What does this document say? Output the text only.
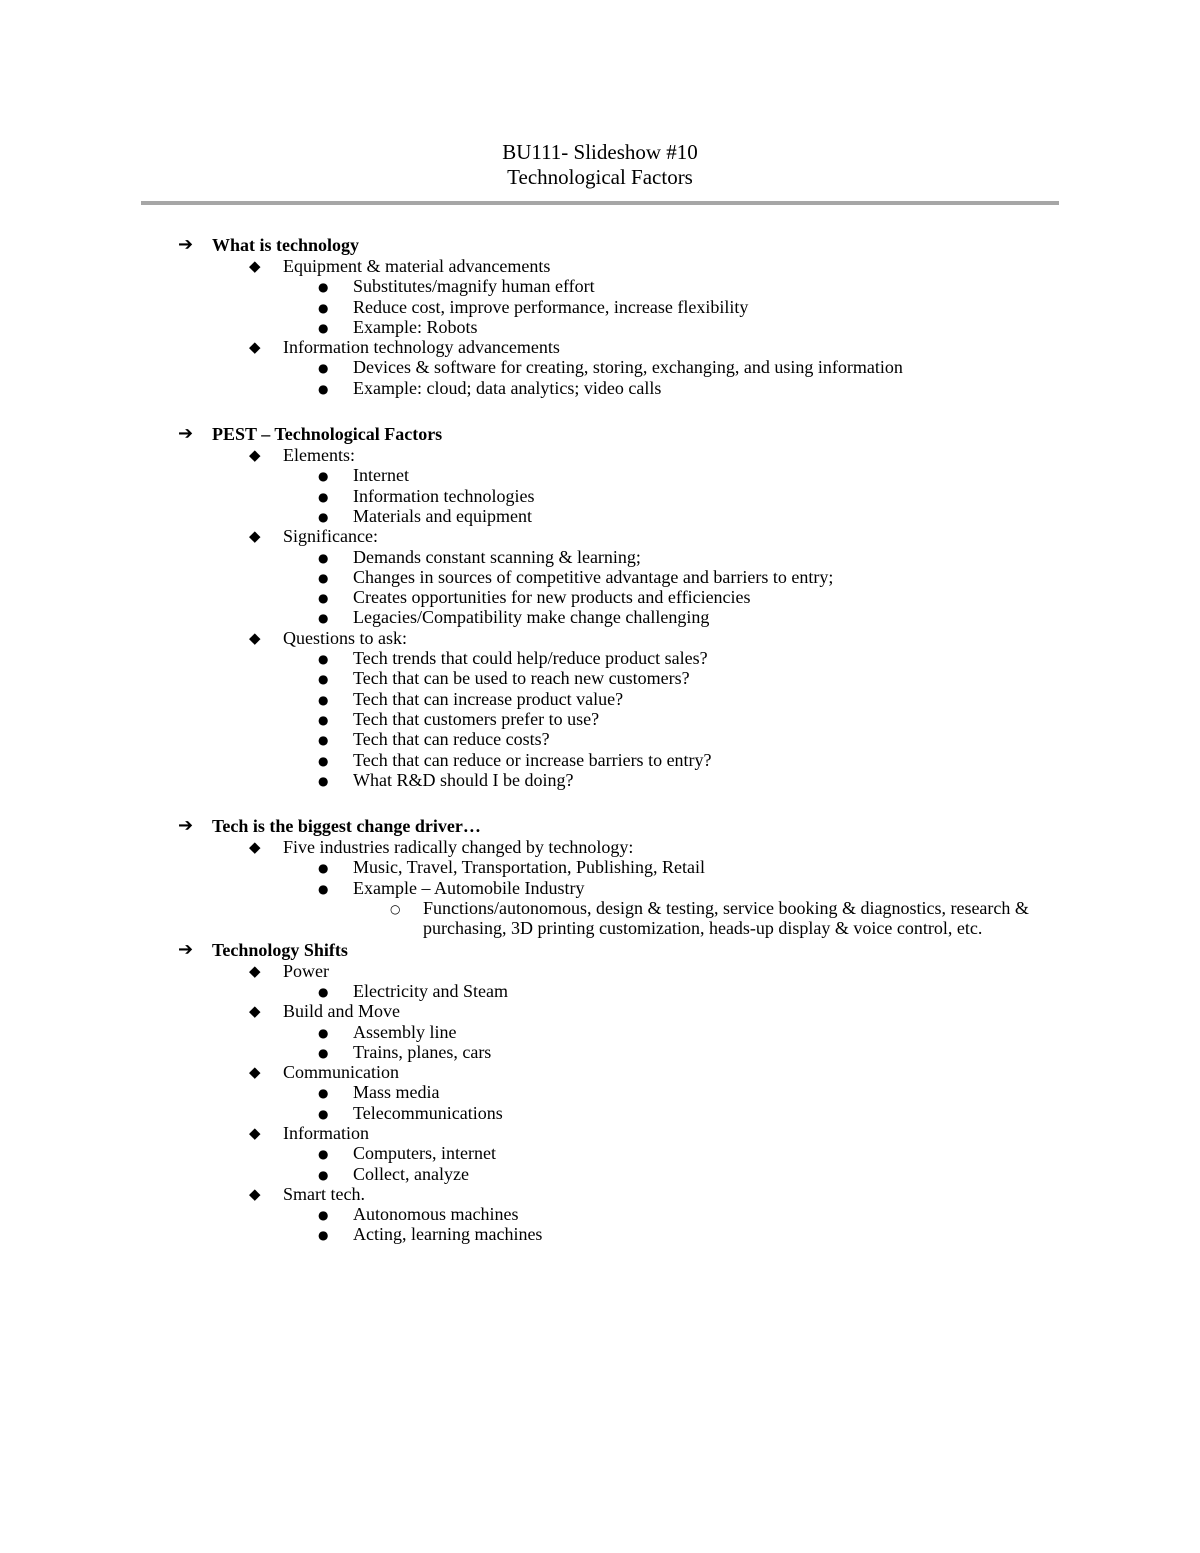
BU111- Slideshow #10
Technological Factors
➔ What is technology
◆ Equipment & material advancements
● Substitutes/magnify human effort
● Reduce cost, improve performance, increase flexibility
● Example: Robots
◆ Information technology advancements
● Devices & software for creating, storing, exchanging, and using information
● Example: cloud; data analytics; video calls
➔ PEST – Technological Factors
◆ Elements:
● Internet
● Information technologies
● Materials and equipment
◆ Significance:
● Demands constant scanning & learning;
● Changes in sources of competitive advantage and barriers to entry;
● Creates opportunities for new products and efficiencies
● Legacies/Compatibility make change challenging
◆ Questions to ask:
● Tech trends that could help/reduce product sales?
● Tech that can be used to reach new customers?
● Tech that can increase product value?
● Tech that customers prefer to use?
● Tech that can reduce costs?
● Tech that can reduce or increase barriers to entry?
● What R&D should I be doing?
➔ Tech is the biggest change driver…
◆ Five industries radically changed by technology:
● Music, Travel, Transportation, Publishing, Retail
● Example – Automobile Industry
○ Functions/autonomous, design & testing, service booking & diagnostics, research & purchasing, 3D printing customization, heads-up display & voice control, etc.
➔ Technology Shifts
◆ Power
● Electricity and Steam
◆ Build and Move
● Assembly line
● Trains, planes, cars
◆ Communication
● Mass media
● Telecommunications
◆ Information
● Computers, internet
● Collect, analyze
◆ Smart tech.
● Autonomous machines
● Acting, learning machines
